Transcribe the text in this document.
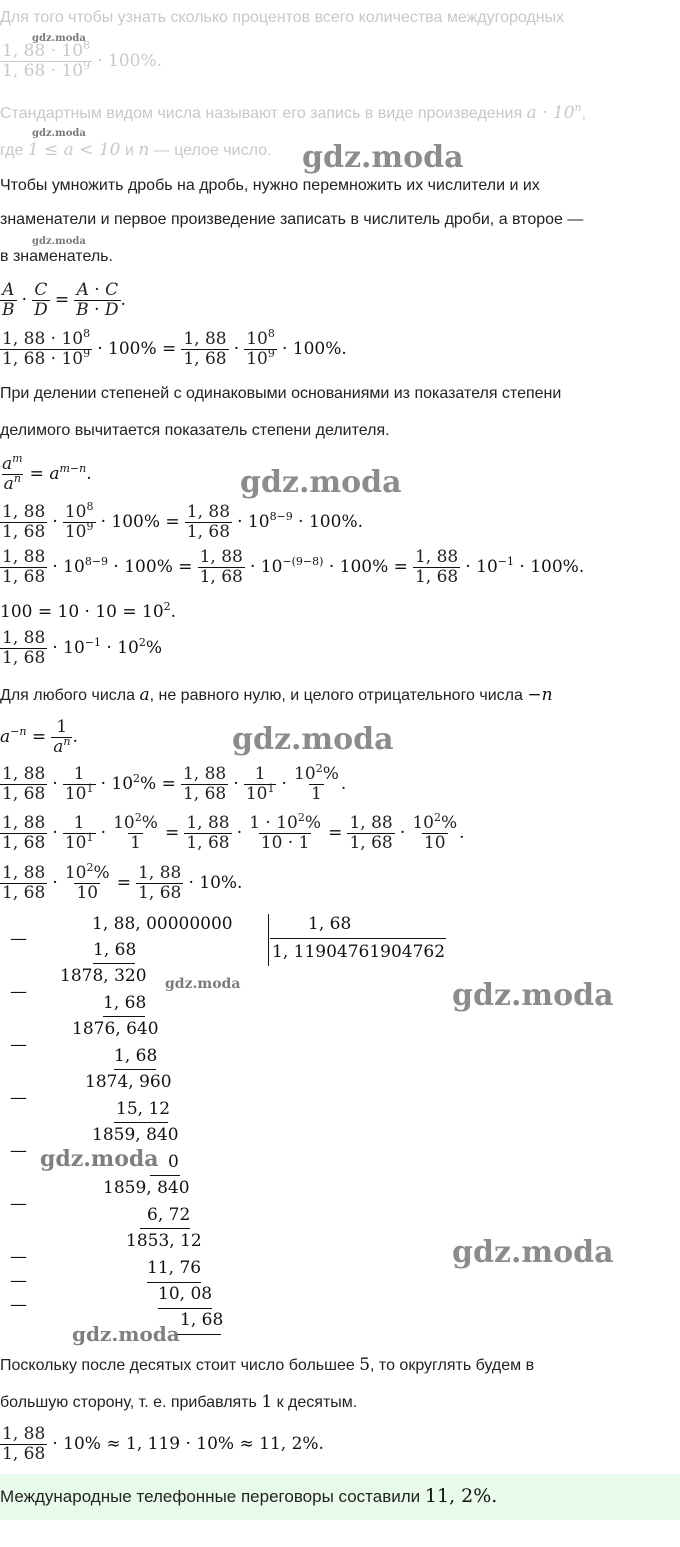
Для того чтобы узнать сколько процентов всего количества междугородных
$\frac{1, 88 \cdot 10^8}{1, 68 \cdot 10^9} \cdot 100\%$.
Стандартным видом числа называют его запись в виде произведения $a \cdot 10^n$,
где 1 ≤ a < 10 и n — целое число.
Чтобы умножить дробь на дробь, нужно перемножить их числители и их
знаменатели и первое произведение записать в числитель дроби, а второе —
в знаменатель.
$\frac{A}{B} \cdot \frac{C}{D} = \frac{A \cdot C}{B \cdot D}$ .
$\frac{1, 88 \cdot 10^8}{1, 68 \cdot 10^9} \cdot 100\% = \frac{1, 88}{1, 68} \cdot \frac{10^8}{10^9} \cdot 100\%$.
При делении степеней с одинаковыми основаниями из показателя степени
делимого вычитается показатель степени делителя.
$\frac{a^m}{a^n} = a^{m-n}$.
$\frac{1, 88}{1, 68} \cdot \frac{10^8}{10^9} \cdot 100\% = \frac{1, 88}{1, 68} \cdot 10^{8-9} \cdot 100\%$.
$\frac{1, 88}{1, 68} \cdot 10^{8-9} \cdot 100\% = \frac{1, 88}{1, 68} \cdot 10^{-(9-8)} \cdot 100\% = \frac{1, 88}{1, 68} \cdot 10^{-1} \cdot 100\%$.
$100 = 10 \cdot 10 = 10^2$.
$\frac{1, 88}{1, 68} \cdot 10^{-1} \cdot 10^2\%$
Для любого числа a, не равного нулю, и целого отрицательного числа −n
$a^{-n} = \frac{1}{a^n}$ .
$\frac{1, 88}{1, 68} \cdot \frac{1}{10^1} \cdot 10^2\% = \frac{1, 88}{1, 68} \cdot \frac{1}{10^1} \cdot \frac{10^2\%}{1}$ .
$\frac{1, 88}{1, 68} \cdot \frac{1}{10^1} \cdot \frac{10^2\%}{1} = \frac{1, 88}{1, 68} \cdot \frac{1 \cdot 10^2\%}{10 \cdot 1} = \frac{1, 88}{1, 68} \cdot \frac{10^2\%}{10}$ .
$\frac{1, 88}{1, 68} \cdot \frac{10^2\%}{10} = \frac{1, 88}{1, 68} \cdot 10\%$.
—
1, 88, 00000000	1, 68
1, 11904761904762
1, 68
1878, 320
—
1, 68
1876, 640
—
1, 68
1874, 960
—
15, 12
1859, 840
—
0
1859, 840
—
6, 72
1853, 12
—
11, 76
—
10, 08
—
1, 68
Поскольку после десятых стоит число большее 5, то округлять будем в
большую сторону, т. е. прибавлять 1 к десятым.
$\frac{1, 88}{1, 68} \cdot 10\% \approx 1$, 119 · 10% ≈ 11, 2%.
Международные телефонные переговоры составили 11, 2%.
gdz.moda
gdz.moda
gdz.moda
gdz.moda
gdz.moda
gdz.moda
gdz.moda	gdz.moda
gdz.moda
gdz.moda
gdz.moda
